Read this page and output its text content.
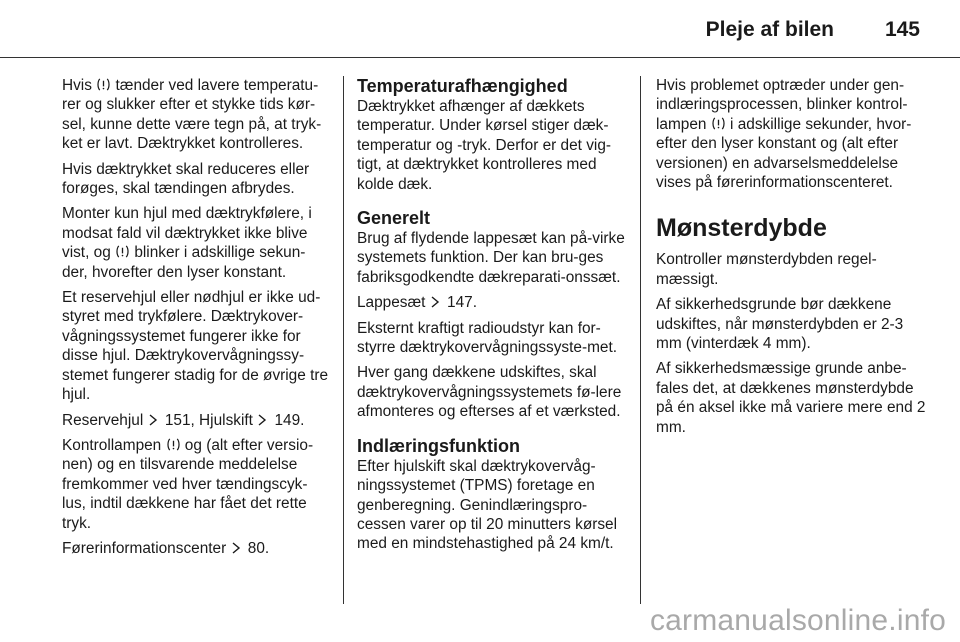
Pleje af bilen 145

Hvis  tænder ved lavere temperatu-rer og slukker efter et stykke tids kør-sel, kunne dette være tegn på, at tryk-ket er lavt. Dæktrykket kontrolleres.

Hvis dæktrykket skal reduceres eller forøges, skal tændingen afbrydes.

Monter kun hjul med dæktrykfølere, i modsat fald vil dæktrykket ikke blive vist, og  blinker i adskillige sekun-der, hvorefter den lyser konstant.

Et reservehjul eller nødhjul er ikke ud-styret med trykfølere. Dæktrykover-vågningssystemet fungerer ikke for disse hjul. Dæktrykovervågningssy-stemet fungerer stadig for de øvrige tre hjul.

Reservehjul  151, Hjulskift  149.

Kontrollampen  og (alt efter versio-nen) og en tilsvarende meddelelse fremkommer ved hver tændingscyk-lus, indtil dækkene har fået det rette tryk.

Førerinformationscenter  80.

Temperaturafhængighed

Dæktrykket afhænger af dækkets temperatur. Under kørsel stiger dæk-temperatur og -tryk. Derfor er det vig-tigt, at dæktrykket kontrolleres med kolde dæk.

Generelt

Brug af flydende lappesæt kan på-virke systemets funktion. Der kan bru-ges fabriksgodkendte dækreparati-onssæt.

Lappesæt  147.

Eksternt kraftigt radioudstyr kan for-styrre dæktrykovervågningssyste-met.

Hver gang dækkene udskiftes, skal dæktrykovervågningssystemets fø-lere afmonteres og efterses af et værksted.

Indlæringsfunktion

Efter hjulskift skal dæktrykovervåg-ningssystemet (TPMS) foretage en genberegning. Genindlæringspro-cessen varer op til 20 minutters kørsel med en mindstehastighed på 24 km/t.

Hvis problemet optræder under gen-indlæringsprocessen, blinker kontrol-lampen  i adskillige sekunder, hvor-efter den lyser konstant og (alt efter versionen) en advarselsmeddelelse vises på førerinformationscenteret.

Mønsterdybde

Kontroller mønsterdybden regel-mæssigt.

Af sikkerhedsgrunde bør dækkene udskiftes, når mønsterdybden er 2-3 mm (vinterdæk 4 mm).

Af sikkerhedsmæssige grunde anbe-fales det, at dækkenes mønsterdybde på én aksel ikke må variere mere end 2 mm.

carmanualsonline.info
